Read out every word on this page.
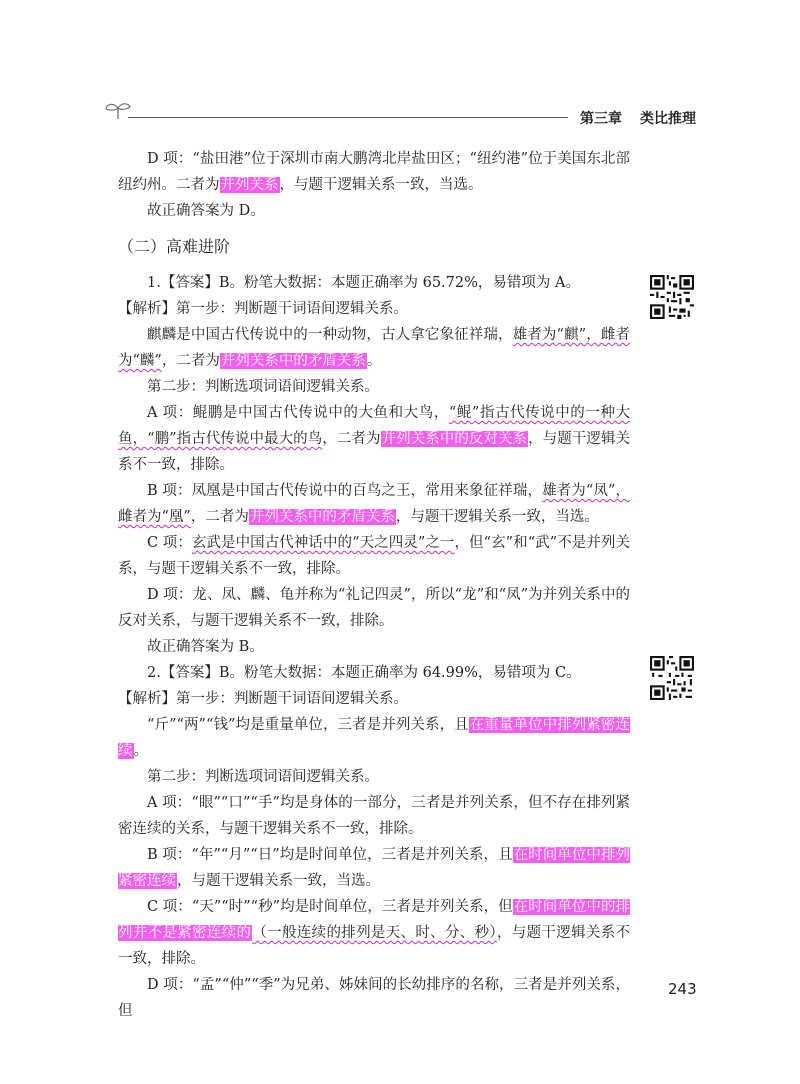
第三章 类比推理

D 项：“盐田港”位于深圳市南大鹏湾北岸盐田区；“纽约港”位于美国东北部纽约州。二者为并列关系，与题干逻辑关系一致，当选。

故正确答案为 D。

（二）高难进阶

1.【答案】B。粉笔大数据：本题正确率为 65.72%，易错项为 A。

【解析】第一步：判断题干词语间逻辑关系。

麒麟是中国古代传说中的一种动物，古人拿它象征祥瑞，雄者为“麒”，雌者为“麟”，二者为并列关系中的矛盾关系。

第二步：判断选项词语间逻辑关系。

A 项：鲲鹏是中国古代传说中的大鱼和大鸟，“鲲”指古代传说中的一种大鱼，“鹏”指古代传说中最大的鸟，二者为并列关系中的反对关系，与题干逻辑关系不一致，排除。

B 项：凤凰是中国古代传说中的百鸟之王，常用来象征祥瑞，雄者为“凤”，雌者为“凰”，二者为并列关系中的矛盾关系，与题干逻辑关系一致，当选。

C 项：玄武是中国古代神话中的“天之四灵”之一，但“玄”和“武”不是并列关系，与题干逻辑关系不一致，排除。

D 项：龙、凤、麟、龟并称为“礼记四灵”，所以“龙”和“凤”为并列关系中的反对关系，与题干逻辑关系不一致，排除。

故正确答案为 B。

2.【答案】B。粉笔大数据：本题正确率为 64.99%，易错项为 C。

【解析】第一步：判断题干词语间逻辑关系。

“斤”“两”“钱”均是重量单位，三者是并列关系，且在重量单位中排列紧密连续。

第二步：判断选项词语间逻辑关系。

A 项：“眼”“口”“手”均是身体的一部分，三者是并列关系，但不存在排列紧密连续的关系，与题干逻辑关系不一致，排除。

B 项：“年”“月”“日”均是时间单位，三者是并列关系，且在时间单位中排列紧密连续，与题干逻辑关系一致，当选。

C 项：“天”“时”“秒”均是时间单位，三者是并列关系，但在时间单位中的排列并不是紧密连续的（一般连续的排列是天、时、分、秒），与题干逻辑关系不一致，排除。

D 项：“孟”“仲”“季”为兄弟、姊妹间的长幼排序的名称，三者是并列关系，但

243
